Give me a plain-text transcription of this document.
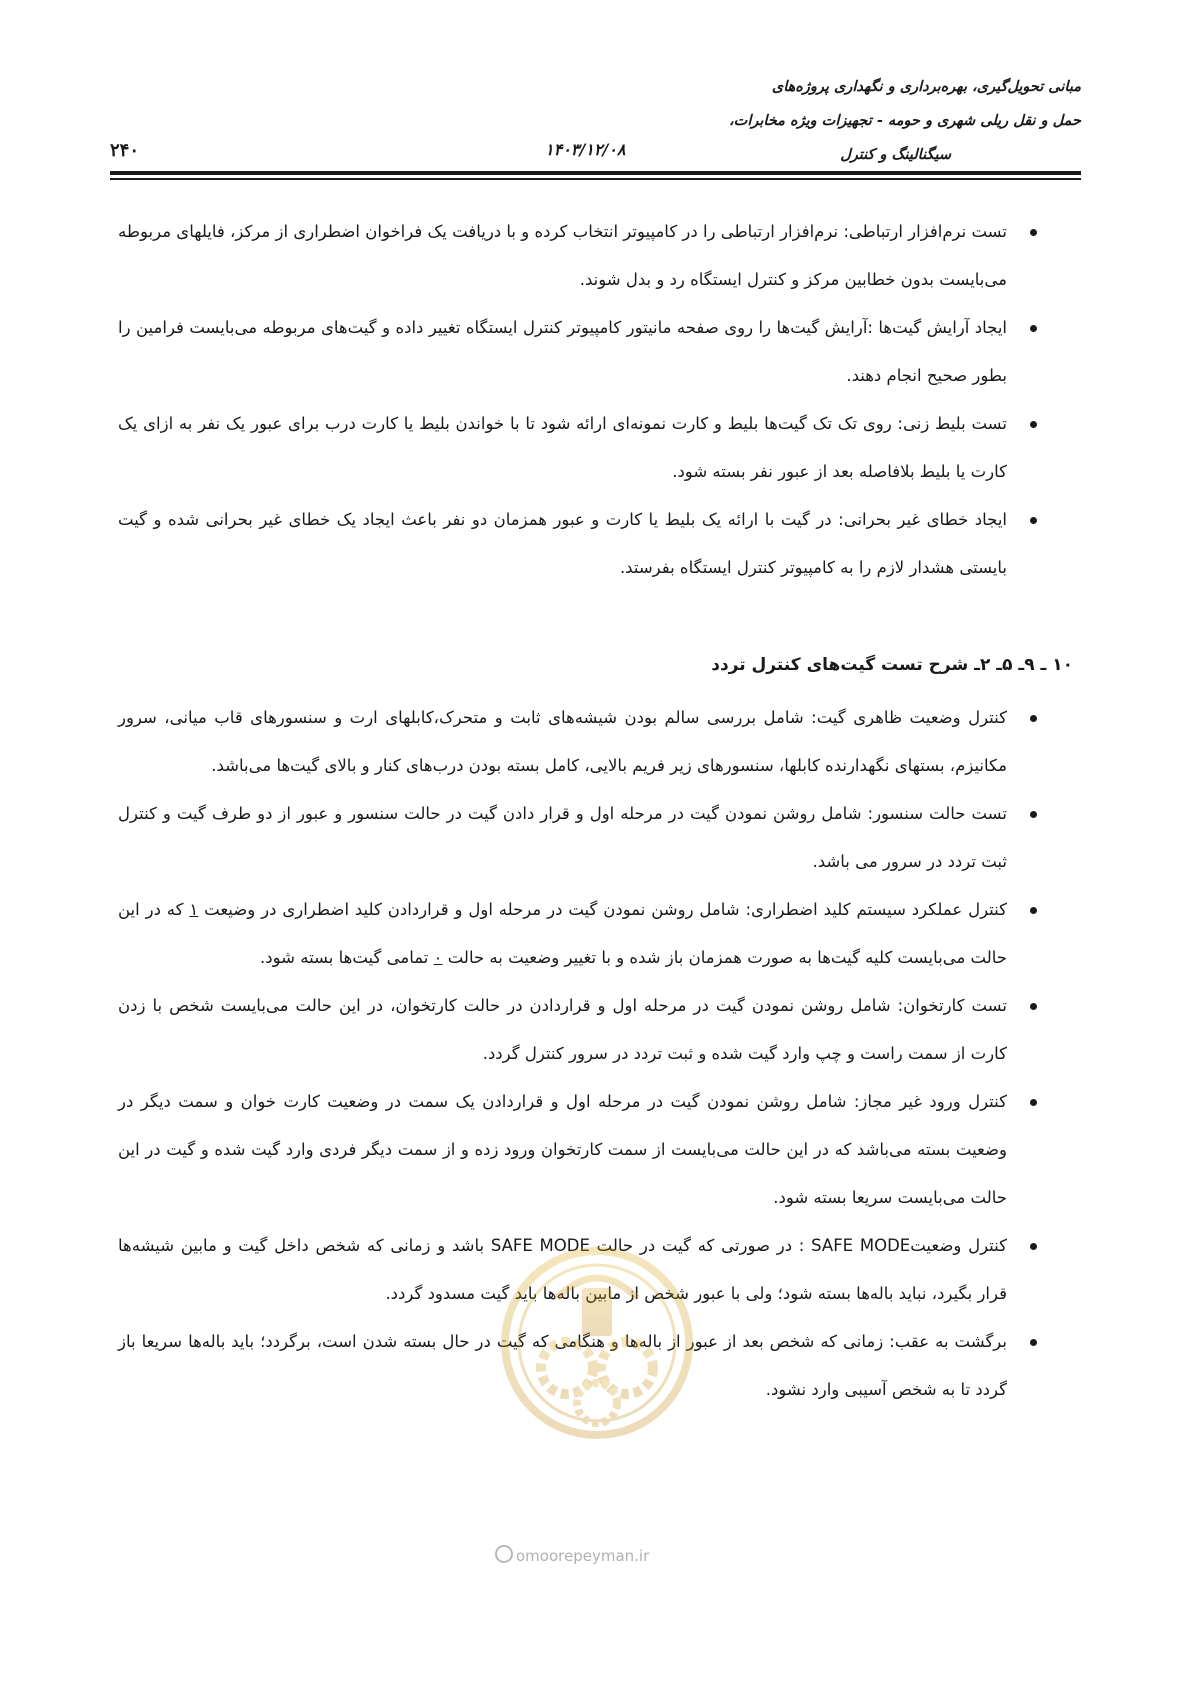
مبانی تحویل‌گیری، بهره‌برداری و نگهداری پروژه‌های
حمل و نقل ریلی شهری و حومه - تجهیزات ویژه مخابرات،
سیگنالینگ و کنترل
۱۴۰۳/۱۲/۰۸
۲۴۰
تست نرم‌افزار ارتباطی: نرم‌افزار ارتباطی را در کامپیوتر انتخاب کرده و با دریافت یک فراخوان اضطراری از مرکز، فایلهای مربوطه می‌بایست بدون خطابین مرکز و کنترل ایستگاه رد و بدل شوند.
ایجاد آرایش گیت‌ها :آرایش گیت‌ها را روی صفحه مانیتور کامپیوتر کنترل ایستگاه تغییر داده و گیت‌های مربوطه می‌بایست فرامین را بطور صحیح انجام دهند.
تست بلیط زنی: روی تک تک گیت‌ها بلیط و کارت نمونه‌ای ارائه شود تا با خواندن بلیط یا کارت درب برای عبور یک نفر به ازای یک کارت یا بلیط بلافاصله بعد از عبور نفر بسته شود.
ایجاد خطای غیر بحرانی: در گیت با ارائه یک بلیط یا کارت و عبور همزمان دو نفر باعث ایجاد یک خطای غیر بحرانی شده و گیت بایستی هشدار لازم را به کامپیوتر کنترل ایستگاه بفرستد.
۱۰ ـ ۹ـ ۵ـ ۲ـ شرح تست گیت‌های کنترل تردد
کنترل وضعیت ظاهری گیت: شامل بررسی سالم بودن شیشه‌های ثابت و متحرک،کابلهای ارت و سنسورهای قاب میانی، سرور مکانیزم، بستهای نگهدارنده کابلها، سنسورهای زیر فریم بالایی، کامل بسته بودن درب‌های کنار و بالای گیت‌ها می‌باشد.
تست حالت سنسور: شامل روشن نمودن گیت در مرحله اول و قرار دادن گیت در حالت سنسور و عبور از دو طرف گیت و کنترل ثبت تردد در سرور می باشد.
کنترل عملکرد سیستم کلید اضطراری: شامل روشن نمودن گیت در مرحله اول و قراردادن کلید اضطراری در وضیعت ۱ که در این حالت می‌بایست کلیه گیت‌ها به صورت همزمان باز شده و با تغییر وضعیت به حالت ۰ تمامی گیت‌ها بسته شود.
تست کارتخوان: شامل روشن نمودن گیت در مرحله اول و قراردادن در حالت کارتخوان، در این حالت می‌بایست شخص با زدن کارت از سمت راست و چپ وارد گیت شده و ثبت تردد در سرور کنترل گردد.
کنترل ورود غیر مجاز: شامل روشن نمودن گیت در مرحله اول و قراردادن یک سمت در وضعیت کارت خوان و سمت دیگر در وضعیت بسته می‌باشد که در این حالت می‌بایست از سمت کارتخوان ورود زده و از سمت دیگر فردی وارد گیت شده و گیت در این حالت می‌بایست سریعا بسته شود.
کنترل وضعیتSAFE MODE : در صورتی که گیت در حالت SAFE MODE باشد و زمانی که شخص داخل گیت و مابین شیشه‌ها قرار بگیرد، نباید باله‌ها بسته شود؛ ولی با عبور شخص از مابین باله‌ها باید گیت مسدود گردد.
برگشت به عقب: زمانی که شخص بعد از عبور از باله‌ها و هنگامی که گیت در حال بسته شدن است، برگردد؛ باید باله‌ها سریعا باز گردد تا به شخص آسیبی وارد نشود.
omoorepeyman.ir
